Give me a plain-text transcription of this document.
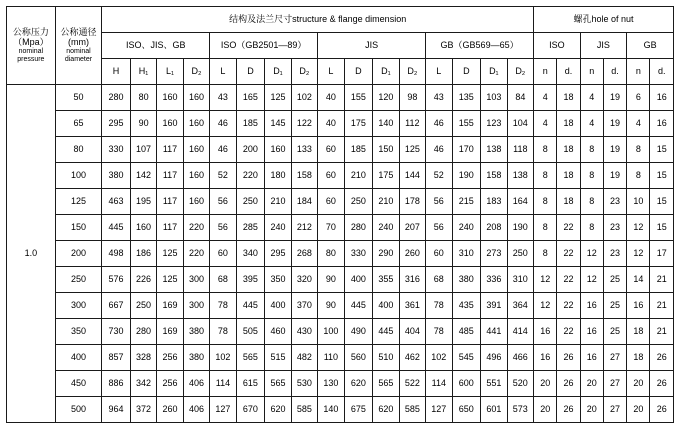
公称压力
（Mpa）
nominal
pressure	公称通径
(mm)
nominal
diameter	结构及法兰尺寸structure & flange dimension																螺孔hole of nut					
		ISO、JIS、GB				ISO（GB2501—89）				JIS				GB（GB569—65）				ISO		JIS		GB	
		H	H₁	L₁	D₂	L	D	D₁	D₂	L	D	D₁	D₂	L	D	D₁	D₂	n	d.	n	d.	n	d.
1.0	50	280	80	160	160	43	165	125	102	40	155	120	98	43	135	103	84	4	18	4	19	6	16
	65	295	90	160	160	46	185	145	122	40	175	140	112	46	155	123	104	4	18	4	19	4	16
	80	330	107	117	160	46	200	160	133	60	185	150	125	46	170	138	118	8	18	8	19	8	15
	100	380	142	117	160	52	220	180	158	60	210	175	144	52	190	158	138	8	18	8	19	8	15
	125	463	195	117	160	56	250	210	184	60	250	210	178	56	215	183	164	8	18	8	23	10	15
	150	445	160	117	220	56	285	240	212	70	280	240	207	56	240	208	190	8	22	8	23	12	15
	200	498	186	125	220	60	340	295	268	80	330	290	260	60	310	273	250	8	22	12	23	12	17
	250	576	226	125	300	68	395	350	320	90	400	355	316	68	380	336	310	12	22	12	25	14	21
	300	667	250	169	300	78	445	400	370	90	445	400	361	78	435	391	364	12	22	16	25	16	21
	350	730	280	169	380	78	505	460	430	100	490	445	404	78	485	441	414	16	22	16	25	18	21
	400	857	328	256	380	102	565	515	482	110	560	510	462	102	545	496	466	16	26	16	27	18	26
	450	886	342	256	406	114	615	565	530	130	620	565	522	114	600	551	520	20	26	20	27	20	26
	500	964	372	260	406	127	670	620	585	140	675	620	585	127	650	601	573	20	26	20	27	20	26
